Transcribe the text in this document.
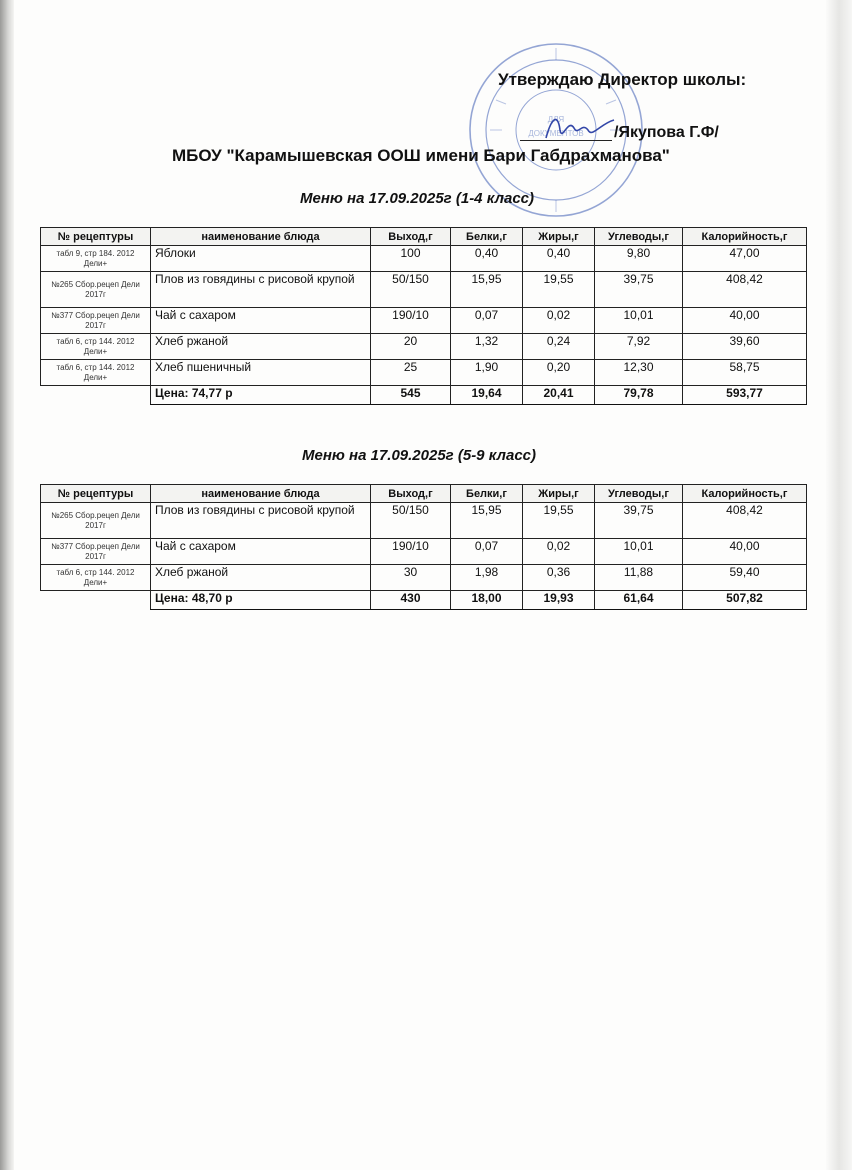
ДЛЯ
ДОКУМЕНТОВ
Утверждаю Директор школы:
/Якупова Г.Ф/
МБОУ "Карамышевская ООШ имени Бари Габдрахманова"
Меню на 17.09.2025г (1-4 класс)
№ рецептуры	наименование блюда	Выход,г	Белки,г	Жиры,г	Углеводы,г	Калорийность,г
табл 9, стр 184. 2012 Дели+	Яблоки	100	0,40	0,40	9,80	47,00
№265 Сбор.рецеп Дели 2017г	Плов из говядины с рисовой крупой	50/150	15,95	19,55	39,75	408,42
№377 Сбор.рецеп Дели 2017г	Чай с сахаром	190/10	0,07	0,02	10,01	40,00
табл 6, стр 144. 2012 Дели+	Хлеб ржаной	20	1,32	0,24	7,92	39,60
табл 6, стр 144. 2012 Дели+	Хлеб пшеничный	25	1,90	0,20	12,30	58,75
	Цена: 74,77 р	545	19,64	20,41	79,78	593,77
Меню на 17.09.2025г (5-9 класс)
№ рецептуры	наименование блюда	Выход,г	Белки,г	Жиры,г	Углеводы,г	Калорийность,г
№265 Сбор.рецеп Дели 2017г	Плов из говядины с рисовой крупой	50/150	15,95	19,55	39,75	408,42
№377 Сбор.рецеп Дели 2017г	Чай с сахаром	190/10	0,07	0,02	10,01	40,00
табл 6, стр 144. 2012 Дели+	Хлеб ржаной	30	1,98	0,36	11,88	59,40
	Цена: 48,70 р	430	18,00	19,93	61,64	507,82
